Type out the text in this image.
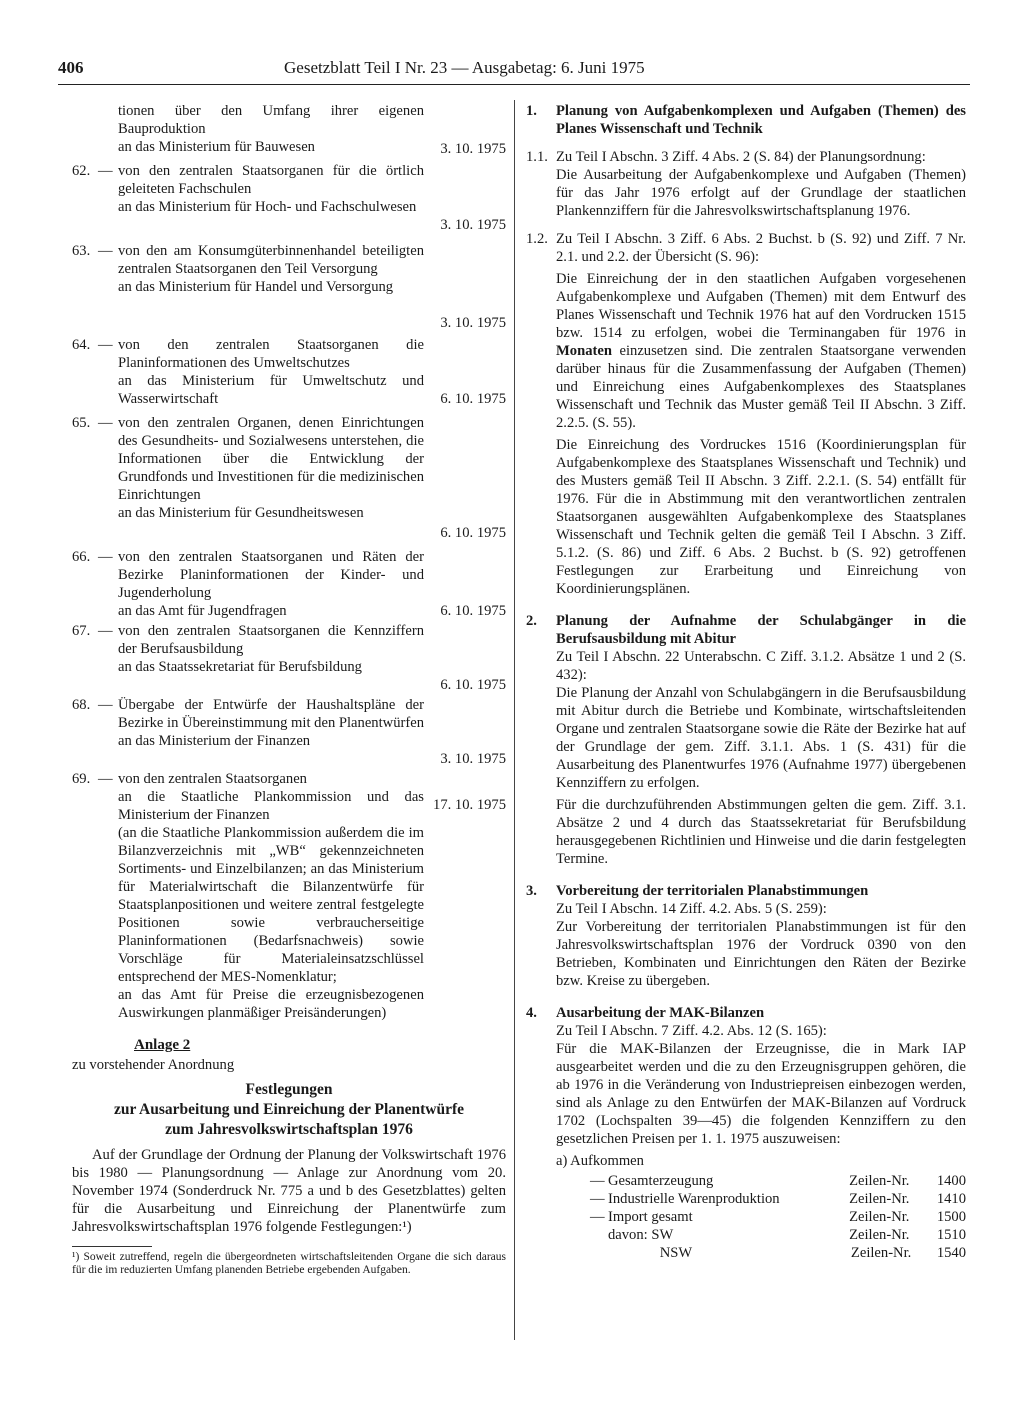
406	Gesetzblatt Teil I Nr. 23 — Ausgabetag: 6. Juni 1975

tionen über den Umfang ihrer eigenen Bauproduktion

an das Ministerium für Bauwesen	3. 10. 1975
62. — von den zentralen Staatsorganen für die örtlich geleiteten Fachschulen

an das Ministerium für Hoch- und Fachschulwesen

3. 10. 1975
63. — von den am Konsumgüterbinnenhandel beteiligten zentralen Staatsorganen den Teil Versorgung

an das Ministerium für Handel und Versorgung

3. 10. 1975
64. — von den zentralen Staatsorganen die Planinformationen des Umweltschutzes

an das Ministerium für Umweltschutz und Wasserwirtschaft	6. 10. 1975
65. — von den zentralen Organen, denen Einrichtungen des Gesundheits- und Sozialwesens unterstehen, die Informationen über die Entwicklung der Grundfonds und Investitionen für die medizinischen Einrichtungen

an das Ministerium für Gesundheitswesen

6. 10. 1975
66. — von den zentralen Staatsorganen und Räten der Bezirke Planinformationen der Kinder- und Jugenderholung

an das Amt für Jugendfragen	6. 10. 1975
67. — von den zentralen Staatsorganen die Kennziffern der Berufsausbildung

an das Staatssekretariat für Berufsbildung

6. 10. 1975
68. — Übergabe der Entwürfe der Haushaltspläne der Bezirke in Übereinstimmung mit den Planentwürfen an das Ministerium der Finanzen

3. 10. 1975
69. — von den zentralen Staatsorganen

an die Staatliche Plankommission und das Ministerium der Finanzen

(an die Staatliche Plankommission außerdem die im Bilanzverzeichnis mit „WB“ gekennzeichneten Sortiments- und Einzelbilanzen; an das Ministerium für Materialwirtschaft die Bilanzentwürfe für Staatsplanpositionen und weitere zentral festgelegte Positionen sowie verbraucherseitige Planinformationen (Bedarfsnachweis) sowie Vorschläge für Materialeinsatzschlüssel entsprechend der MES-Nomenklatur;

an das Amt für Preise die erzeugnisbezogenen Auswirkungen planmäßiger Preisänderungen)

17. 10. 1975
Anlage 2
zu vorstehender Anordnung
Festlegungen
zur Ausarbeitung und Einreichung der Planentwürfe
zum Jahresvolkswirtschaftsplan 1976
Auf der Grundlage der Ordnung der Planung der Volkswirtschaft 1976 bis 1980 — Planungsordnung — Anlage zur Anordnung vom 20. November 1974 (Sonderdruck Nr. 775 a und b des Gesetzblattes) gelten für die Ausarbeitung und Einreichung der Planentwürfe zum Jahresvolkswirtschaftsplan 1976 folgende Festlegungen:¹)
¹) Soweit zutreffend, regeln die übergeordneten wirtschaftsleitenden Organe die sich daraus für die im reduzierten Umfang planenden Betriebe ergebenden Aufgaben.
1. Planung von Aufgabenkomplexen und Aufgaben (Themen) des Planes Wissenschaft und Technik

1.1. Zu Teil I Abschn. 3 Ziff. 4 Abs. 2 (S. 84) der Planungsordnung:

Die Ausarbeitung der Aufgabenkomplexe und Aufgaben (Themen) für das Jahr 1976 erfolgt auf der Grundlage der staatlichen Plankennziffern für die Jahresvolkswirtschaftsplanung 1976.

1.2. Zu Teil I Abschn. 3 Ziff. 6 Abs. 2 Buchst. b (S. 92) und Ziff. 7 Nr. 2.1. und 2.2. der Übersicht (S. 96):

Die Einreichung der in den staatlichen Aufgaben vorgesehenen Aufgabenkomplexe und Aufgaben (Themen) mit dem Entwurf des Planes Wissenschaft und Technik 1976 hat auf den Vordrucken 1515 bzw. 1514 zu erfolgen, wobei die Terminangaben für 1976 in Monaten einzusetzen sind. Die zentralen Staatsorgane verwenden darüber hinaus für die Zusammenfassung der Aufgaben (Themen) und Einreichung eines Aufgabenkomplexes des Staatsplanes Wissenschaft und Technik das Muster gemäß Teil II Abschn. 3 Ziff. 2.2.5. (S. 55).

Die Einreichung des Vordruckes 1516 (Koordinierungsplan für Aufgabenkomplexe des Staatsplanes Wissenschaft und Technik) und des Musters gemäß Teil II Abschn. 3 Ziff. 2.2.1. (S. 54) entfällt für 1976. Für die in Abstimmung mit den verantwortlichen zentralen Staatsorganen ausgewählten Aufgabenkomplexe des Staatsplanes Wissenschaft und Technik gelten die gemäß Teil I Abschn. 3 Ziff. 5.1.2. (S. 86) und Ziff. 6 Abs. 2 Buchst. b (S. 92) getroffenen Festlegungen zur Erarbeitung und Einreichung von Koordinierungsplänen.

2. Planung der Aufnahme der Schulabgänger in die Berufsausbildung mit Abitur

Zu Teil I Abschn. 22 Unterabschn. C Ziff. 3.1.2. Absätze 1 und 2 (S. 432):

Die Planung der Anzahl von Schulabgängern in die Berufsausbildung mit Abitur durch die Betriebe und Kombinate, wirtschaftsleitenden Organe und zentralen Staatsorgane sowie die Räte der Bezirke hat auf der Grundlage der gem. Ziff. 3.1.1. Abs. 1 (S. 431) für die Ausarbeitung des Planentwurfes 1976 (Aufnahme 1977) übergebenen Kennziffern zu erfolgen.

Für die durchzuführenden Abstimmungen gelten die gem. Ziff. 3.1. Absätze 2 und 4 durch das Staatssekretariat für Berufsbildung herausgegebenen Richtlinien und Hinweise und die darin festgelegten Termine.

3. Vorbereitung der territorialen Planabstimmungen

Zu Teil I Abschn. 14 Ziff. 4.2. Abs. 5 (S. 259):

Zur Vorbereitung der territorialen Planabstimmungen ist für den Jahresvolkswirtschaftsplan 1976 der Vordruck 0390 von den Betrieben, Kombinaten und Einrichtungen den Räten der Bezirke bzw. Kreise zu übergeben.

4. Ausarbeitung der MAK-Bilanzen

Zu Teil I Abschn. 7 Ziff. 4.2. Abs. 12 (S. 165):

Für die MAK-Bilanzen der Erzeugnisse, die in Mark IAP ausgearbeitet werden und die zu den Erzeugnisgruppen gehören, die ab 1976 in die Veränderung von Industriepreisen einbezogen werden, sind als Anlage zu den Entwürfen der MAK-Bilanzen auf Vordruck 1702 (Lochspalten 39—45) die folgenden Kennziffern zu den gesetzlichen Preisen per 1. 1. 1975 auszuweisen:

a) Aufkommen

— Gesamterzeugung	Zeilen-Nr.	1400
— Industrielle Warenproduktion	Zeilen-Nr.	1410
— Import gesamt	Zeilen-Nr.	1500
davon: SW	Zeilen-Nr.	1510
NSW	Zeilen-Nr.	1540
